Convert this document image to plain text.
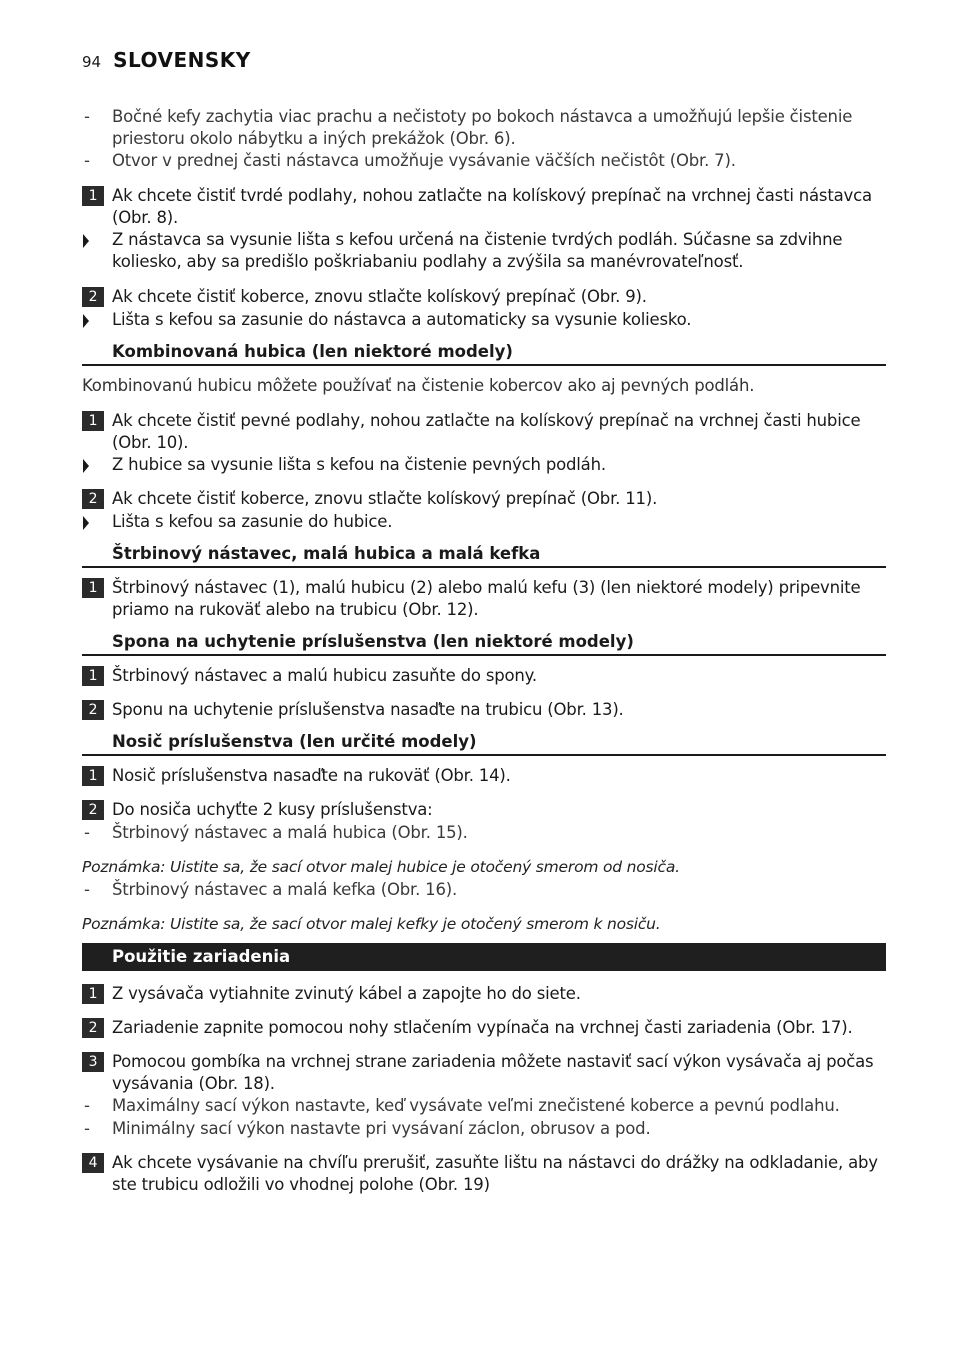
94 SLOVENSKY
-	Bočné kefy zachytia viac prachu a nečistoty po bokoch nástavca a umožňujú lepšie čistenie priestoru okolo nábytku a iných prekážok (Obr. 6).
-	Otvor v prednej časti nástavca umožňuje vysávanie väčších nečistôt (Obr. 7).
1 Ak chcete čistiť tvrdé podlahy, nohou zatlačte na kolískový prepínač na vrchnej časti nástavca (Obr. 8).
Z nástavca sa vysunie lišta s kefou určená na čistenie tvrdých podláh. Súčasne sa zdvihne koliesko, aby sa predišlo poškriabaniu podlahy a zvýšila sa manévrovateľnosť.
2 Ak chcete čistiť koberce, znovu stlačte kolískový prepínač (Obr. 9).
Lišta s kefou sa zasunie do nástavca a automaticky sa vysunie koliesko.
Kombinovaná hubica (len niektoré modely)
Kombinovanú hubicu môžete používať na čistenie kobercov ako aj pevných podláh.
1 Ak chcete čistiť pevné podlahy, nohou zatlačte na kolískový prepínač na vrchnej časti hubice (Obr. 10).
Z hubice sa vysunie lišta s kefou na čistenie pevných podláh.
2 Ak chcete čistiť koberce, znovu stlačte kolískový prepínač (Obr. 11).
Lišta s kefou sa zasunie do hubice.
Štrbinový nástavec, malá hubica a malá kefka
1 Štrbinový nástavec (1), malú hubicu (2) alebo malú kefu (3) (len niektoré modely) pripevnite priamo na rukoväť alebo na trubicu (Obr. 12).
Spona na uchytenie príslušenstva (len niektoré modely)
1 Štrbinový nástavec a malú hubicu zasuňte do spony.
2 Sponu na uchytenie príslušenstva nasaďte na trubicu (Obr. 13).
Nosič príslušenstva (len určité modely)
1 Nosič príslušenstva nasaďte na rukoväť (Obr. 14).
2 Do nosiča uchyťte 2 kusy príslušenstva:
-	Štrbinový nástavec a malá hubica (Obr. 15).
Poznámka: Uistite sa, že sací otvor malej hubice je otočený smerom od nosiča.
-	Štrbinový nástavec a malá kefka (Obr. 16).
Poznámka: Uistite sa, že sací otvor malej kefky je otočený smerom k nosiču.
Použitie zariadenia
1 Z vysávača vytiahnite zvinutý kábel a zapojte ho do siete.
2 Zariadenie zapnite pomocou nohy stlačením vypínača na vrchnej časti zariadenia (Obr. 17).
3 Pomocou gombíka na vrchnej strane zariadenia môžete nastaviť sací výkon vysávača aj počas vysávania (Obr. 18).
-	Maximálny sací výkon nastavte, keď vysávate veľmi znečistené koberce a pevnú podlahu.
-	Minimálny sací výkon nastavte pri vysávaní záclon, obrusov a pod.
4 Ak chcete vysávanie na chvíľu prerušiť, zasuňte lištu na nástavci do drážky na odkladanie, aby ste trubicu odložili vo vhodnej polohe (Obr. 19)
